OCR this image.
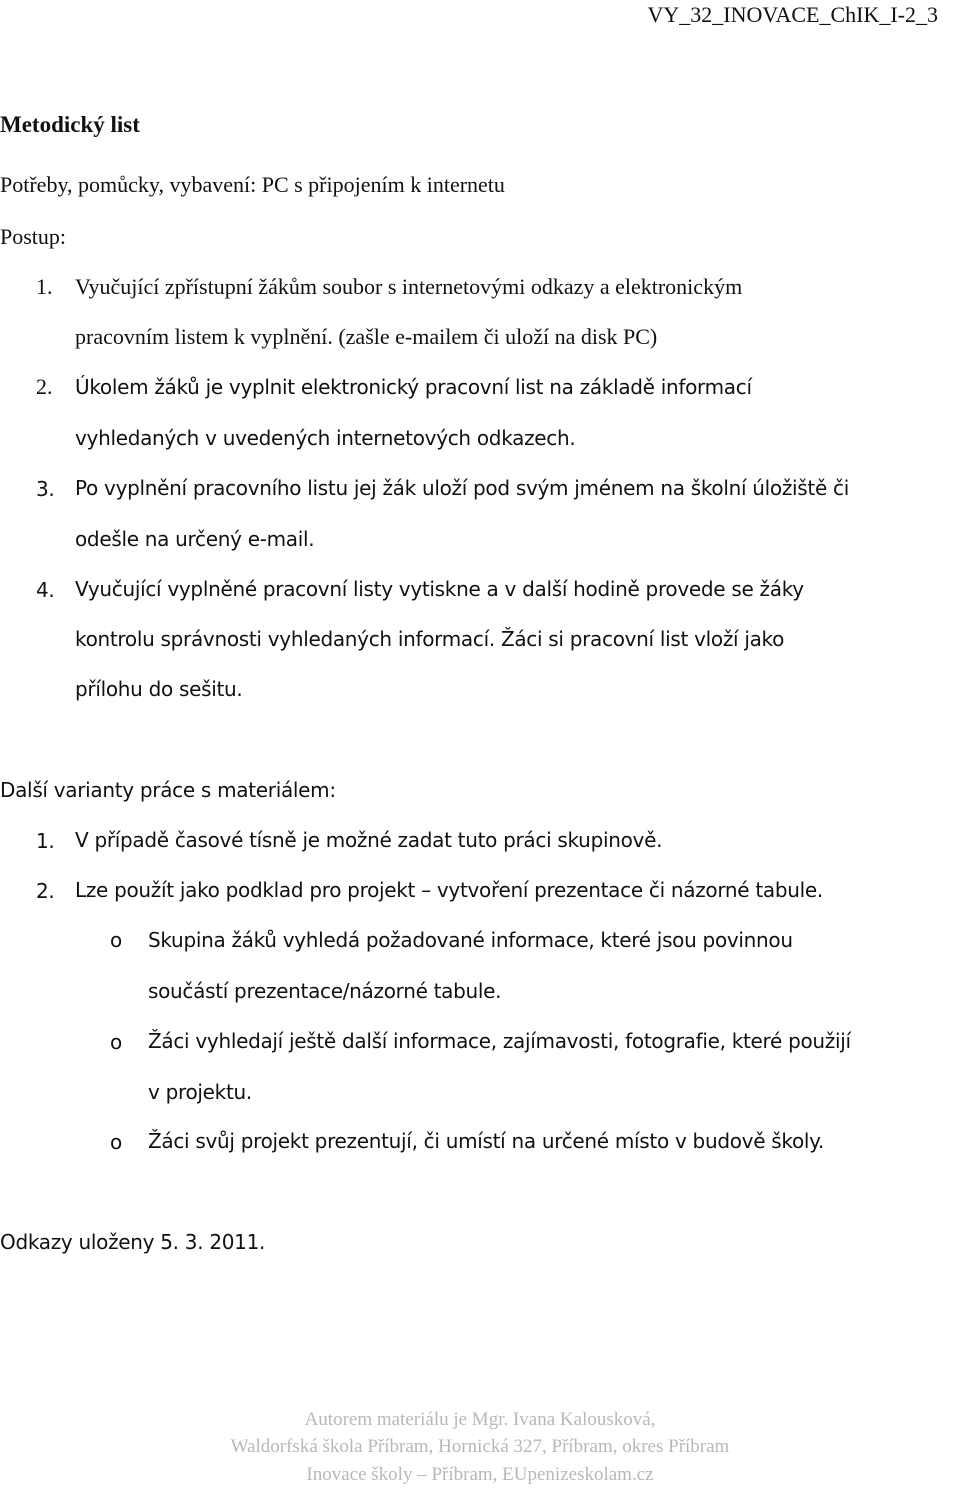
VY_32_INOVACE_ChIK_I-2_3
Metodický list
Potřeby, pomůcky, vybavení: PC s připojením k internetu
Postup:
1. Vyučující zpřístupní žákům soubor s internetovými odkazy a elektronickým
pracovním listem k vyplnění. (zašle e-mailem či uloží na disk PC)
2. Úkolem žáků je vyplnit elektronický pracovní list na základě informací
vyhledaných v uvedených internetových odkazech.
3. Po vyplnění pracovního listu jej žák uloží pod svým jménem na školní úložiště či
odešle na určený e-mail.
4. Vyučující vyplněné pracovní listy vytiskne a v další hodině provede se žáky
kontrolu správnosti vyhledaných informací. Žáci si pracovní list vloží jako
přílohu do sešitu.
Další varianty práce s materiálem:
1. V případě časové tísně je možné zadat tuto práci skupinově.
2. Lze použít jako podklad pro projekt – vytvoření prezentace či názorné tabule.
o Skupina žáků vyhledá požadované informace, které jsou povinnou
součástí prezentace/názorné tabule.
o Žáci vyhledají ještě další informace, zajímavosti, fotografie, které použijí
v projektu.
o Žáci svůj projekt prezentují, či umístí na určené místo v budově školy.
Odkazy uloženy 5. 3. 2011.
Autorem materiálu je Mgr. Ivana Kalousková,
Waldorfská škola Příbram, Hornická 327, Příbram, okres Příbram
Inovace školy – Příbram, EUpenizeskolam.cz
